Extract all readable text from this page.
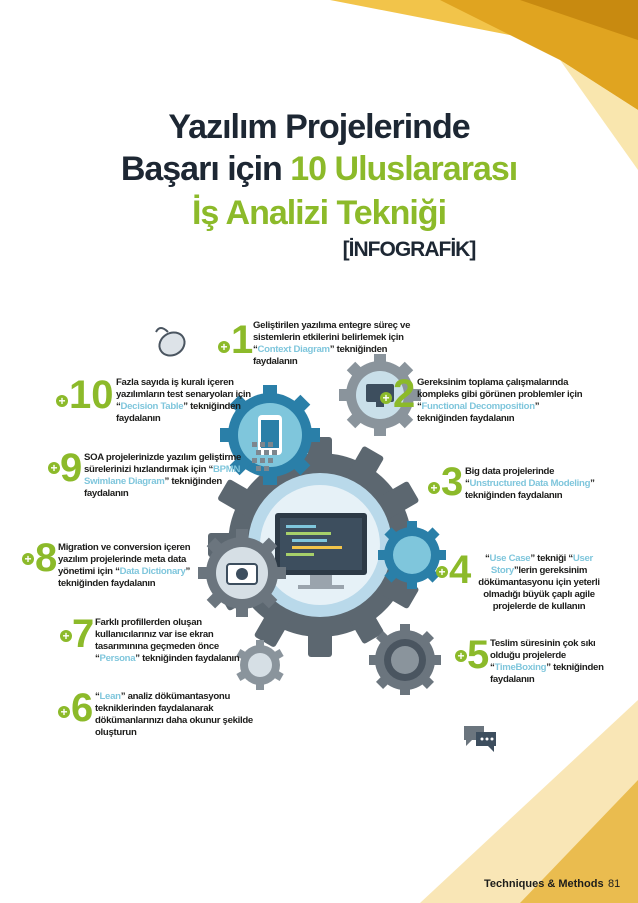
Yazılım Projelerinde
Başarı için 10 Uluslararası
İş Analizi Tekniği
[İNFOGRAFİK]
+ 1 Geliştirilen yazılıma entegre süreç ve sistemlerin etkilerini belirlemek için “Context Diagram” tekniğinden faydalanın
+ 10 Fazla sayıda iş kuralı içeren yazılımların test senaryoları için “Decision Table” tekniğinden faydalanın
+ 2 Gereksinim toplama çalışmalarında kompleks gibi görünen problemler için “Functional Decomposition” tekniğinden faydalanın
+ 9 SOA projelerinizde yazılım geliştirme sürelerinizi hızlandırmak için “BPMN Swimlane Diagram” tekniğinden faydalanın	+ 3 Big data projelerinde “Unstructured Data Modeling” tekniğinden faydalanın
+ 8 Migration ve conversion içeren yazılım projelerinde meta data yönetimi için “Data Dictionary” tekniğinden faydalanın
+ 4	“Use Case” tekniği “User Story”lerin gereksinim dökümantasyonu için yeterli olmadığı büyük çaplı agile projelerde de kullanın
+ 7 Farklı profillerden oluşan kullanıcılarınız var ise ekran tasarımınına geçmeden önce “Persona” tekniğinden faydalanın	+ 5 Teslim süresinin çok sıkı olduğu projelerde “TimeBoxing” tekniğinden faydalanın
+ 6 “Lean” analiz dökümantasyonu tekniklerinden faydalanarak dökümanlarınızı daha okunur şekilde oluşturun
Techniques & Methods 81
